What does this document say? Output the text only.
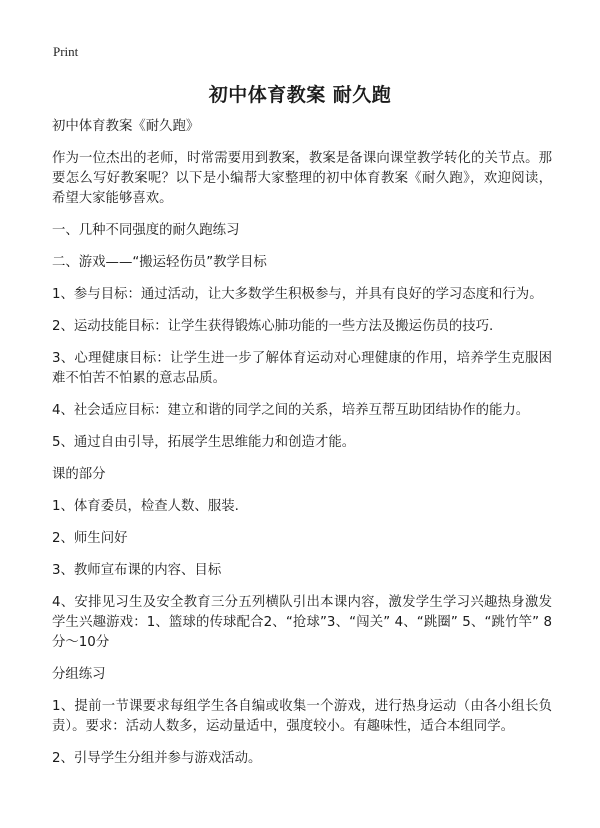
Print
初中体育教案 耐久跑

初中体育教案《耐久跑》

作为一位杰出的老师，时常需要用到教案，教案是备课向课堂教学转化的关节点。那要怎么写好教案呢？以下是小编帮大家整理的初中体育教案《耐久跑》，欢迎阅读，希望大家能够喜欢。

一、几种不同强度的耐久跑练习

二、游戏——“搬运轻伤员”教学目标

1、参与目标：通过活动，让大多数学生积极参与，并具有良好的学习态度和行为。

2、运动技能目标：让学生获得锻炼心肺功能的一些方法及搬运伤员的技巧.

3、心理健康目标：让学生进一步了解体育运动对心理健康的作用，培养学生克服困难不怕苦不怕累的意志品质。

4、社会适应目标：建立和谐的同学之间的关系，培养互帮互助团结协作的能力。

5、通过自由引导，拓展学生思维能力和创造才能。

课的部分

1、体育委员，检查人数、服装.

2、师生问好

3、教师宣布课的内容、目标

4、安排见习生及安全教育三分五列横队引出本课内容，激发学生学习兴趣热身激发学生兴趣游戏：1、篮球的传球配合2、“抢球”3、“闯关” 4、“跳圈” 5、“跳竹竿” 8分～10分

分组练习

1、提前一节课要求每组学生各自编或收集一个游戏，进行热身运动（由各小组长负责）。要求：活动人数多，运动量适中，强度较小。有趣味性，适合本组同学。

2、引导学生分组并参与游戏活动。
